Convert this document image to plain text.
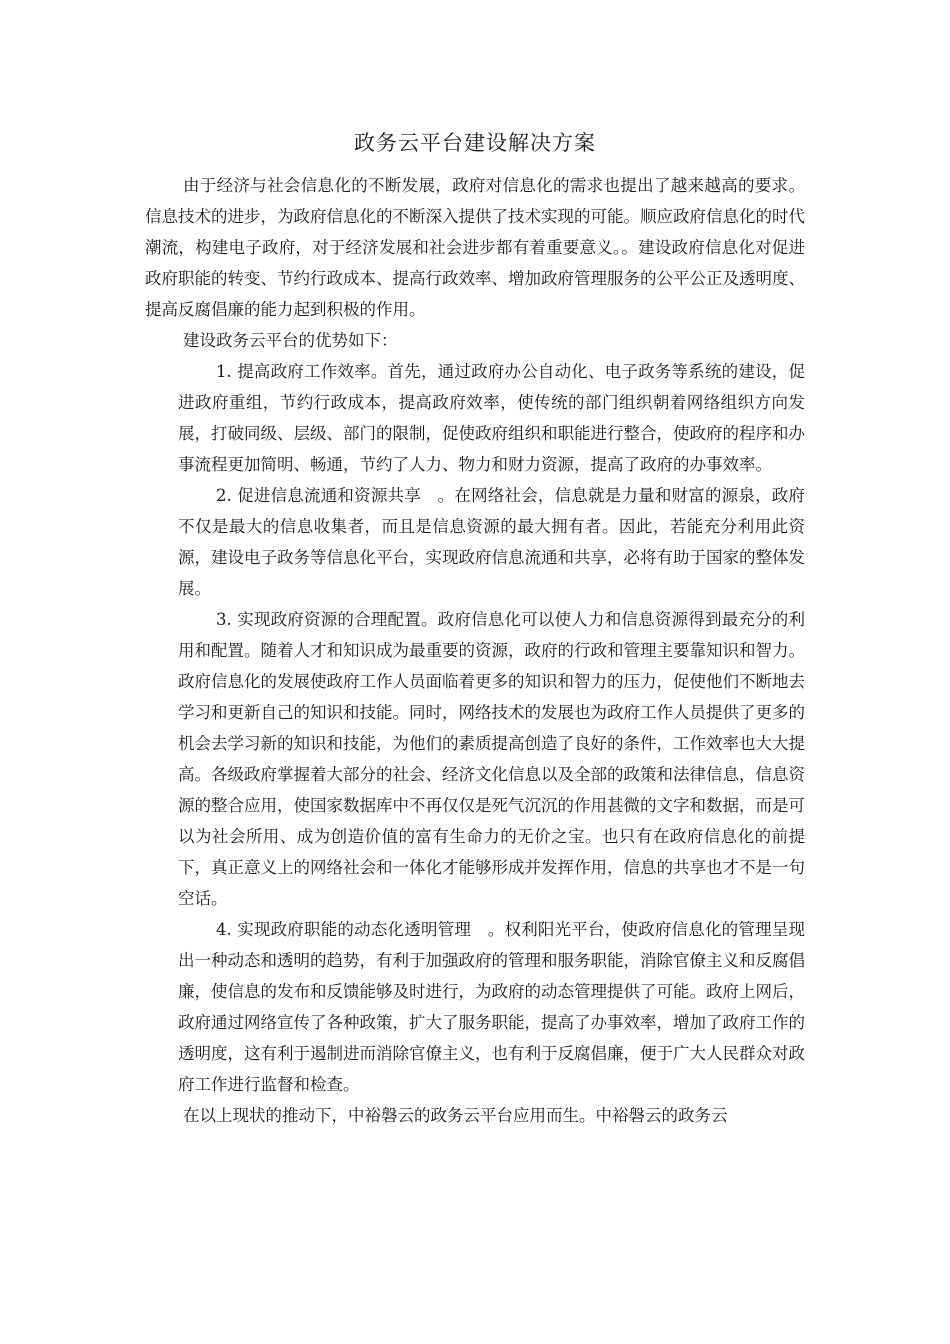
政务云平台建设解决方案

由于经济与社会信息化的不断发展，政府对信息化的需求也提出了越来越高的要求。信息技术的进步，为政府信息化的不断深入提供了技术实现的可能。顺应政府信息化的时代潮流，构建电子政府，对于经济发展和社会进步都有着重要意义。。建设政府信息化对促进政府职能的转变、节约行政成本、提高行政效率、增加政府管理服务的公平公正及透明度、提高反腐倡廉的能力起到积极的作用。

建设政务云平台的优势如下：

1. 提高政府工作效率。首先，通过政府办公自动化、电子政务等系统的建设，促进政府重组，节约行政成本，提高政府效率，使传统的部门组织朝着网络组织方向发展，打破同级、层级、部门的限制，促使政府组织和职能进行整合，使政府的程序和办事流程更加简明、畅通，节约了人力、物力和财力资源，提高了政府的办事效率。

2. 促进信息流通和资源共享　。在网络社会，信息就是力量和财富的源泉，政府不仅是最大的信息收集者，而且是信息资源的最大拥有者。因此，若能充分利用此资源，建设电子政务等信息化平台，实现政府信息流通和共享，必将有助于国家的整体发展。

3. 实现政府资源的合理配置。政府信息化可以使人力和信息资源得到最充分的利用和配置。随着人才和知识成为最重要的资源，政府的行政和管理主要靠知识和智力。政府信息化的发展使政府工作人员面临着更多的知识和智力的压力，促使他们不断地去学习和更新自己的知识和技能。同时，网络技术的发展也为政府工作人员提供了更多的机会去学习新的知识和技能，为他们的素质提高创造了良好的条件，工作效率也大大提高。各级政府掌握着大部分的社会、经济文化信息以及全部的政策和法律信息，信息资源的整合应用，使国家数据库中不再仅仅是死气沉沉的作用甚微的文字和数据，而是可以为社会所用、成为创造价值的富有生命力的无价之宝。也只有在政府信息化的前提下，真正意义上的网络社会和一体化才能够形成并发挥作用，信息的共享也才不是一句空话。

4. 实现政府职能的动态化透明管理　。权利阳光平台，使政府信息化的管理呈现出一种动态和透明的趋势，有利于加强政府的管理和服务职能，消除官僚主义和反腐倡廉，使信息的发布和反馈能够及时进行，为政府的动态管理提供了可能。政府上网后，政府通过网络宣传了各种政策，扩大了服务职能，提高了办事效率，增加了政府工作的透明度，这有利于遏制进而消除官僚主义，也有利于反腐倡廉，便于广大人民群众对政府工作进行监督和检查。

在以上现状的推动下，中裕磐云的政务云平台应用而生。中裕磐云的政务云
